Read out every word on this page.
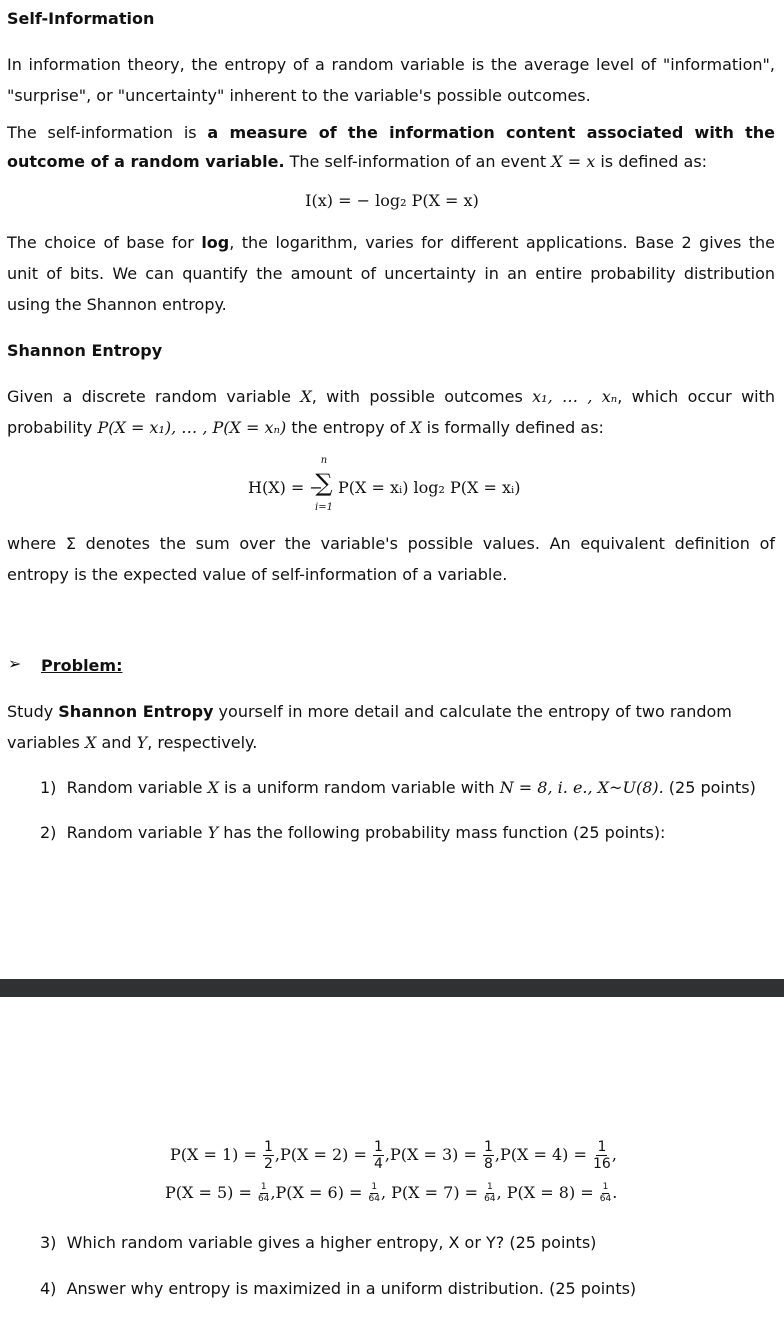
Self-Information
In information theory, the entropy of a random variable is the average level of "information", "surprise", or "uncertainty" inherent to the variable's possible outcomes.
The self-information is a measure of the information content associated with the outcome of a random variable. The self-information of an event X = x is defined as:
I(x) = − log₂ P(X = x)
The choice of base for log, the logarithm, varies for different applications. Base 2 gives the unit of bits. We can quantify the amount of uncertainty in an entire probability distribution using the Shannon entropy.
Shannon Entropy
Given a discrete random variable X, with possible outcomes x₁, … , xₙ, which occur with probability P(X = x₁), … , P(X = xₙ) the entropy of X is formally defined as:
H(X) = −
n
∑
i=1
P(X = xᵢ) log₂ P(X = xᵢ)
where Σ denotes the sum over the variable's possible values. An equivalent definition of entropy is the expected value of self-information of a variable.
➢ Problem:
Study Shannon Entropy yourself in more detail and calculate the entropy of two random
variables X and Y, respectively.
1) Random variable X is a uniform random variable with N = 8, i. e., X~U(8). (25 points)
2) Random variable Y has the following probability mass function (25 points):
$P(X = 1) = \frac{1}{2} ,P(X = 2) = \frac{1}{4} ,P(X = 3) = \frac{1}{8} ,P(X = 4) = \frac{1}{16}$ ,
$P(X = 5) = \frac{1}{64} ,P(X = 6) = \frac{1}{64}$ , $P(X = 7) = \frac{1}{64}$ , $P(X = 8) = \frac{1}{64}$ .
3) Which random variable gives a higher entropy, X or Y? (25 points)
4) Answer why entropy is maximized in a uniform distribution. (25 points)
